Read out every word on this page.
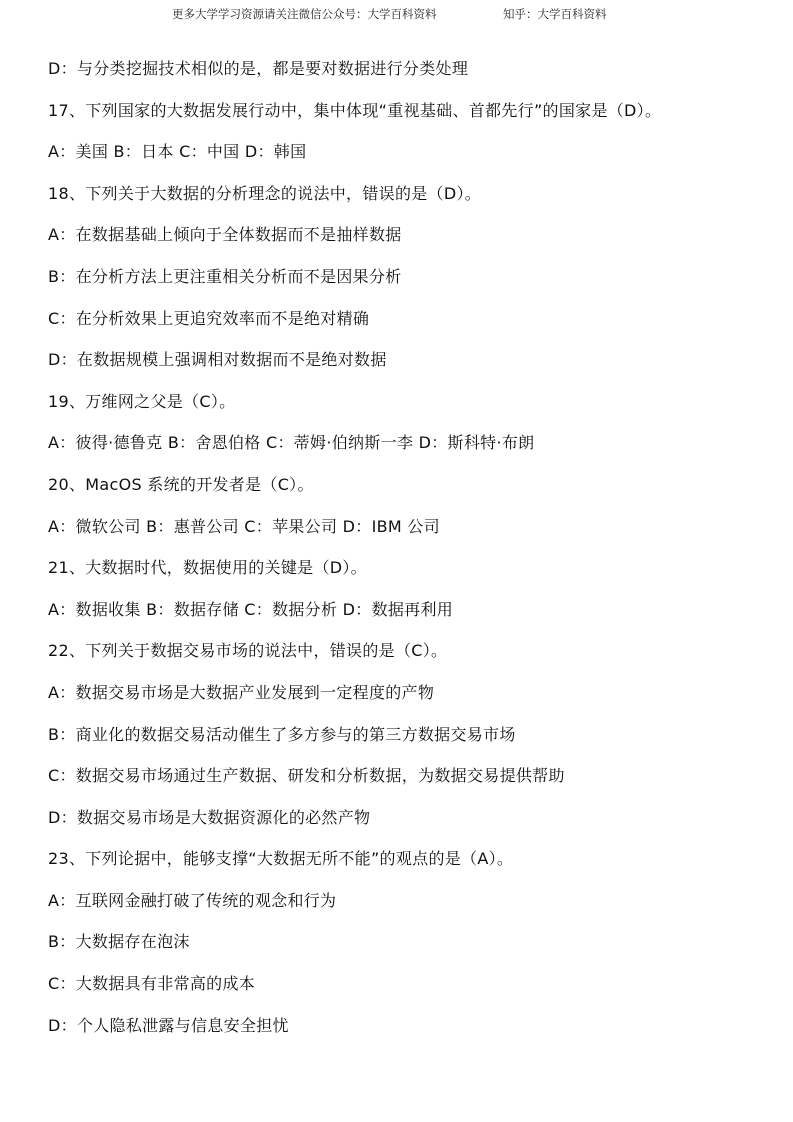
更多大学学习资源请关注微信公众号：大学百科资料	知乎：大学百科资料
D：与分类挖掘技术相似的是，都是要对数据进行分类处理
17、下列国家的大数据发展行动中，集中体现“重视基础、首都先行”的国家是（D）。
A：美国 B：日本 C：中国 D：韩国
18、下列关于大数据的分析理念的说法中，错误的是（D）。
A：在数据基础上倾向于全体数据而不是抽样数据
B：在分析方法上更注重相关分析而不是因果分析
C：在分析效果上更追究效率而不是绝对精确
D：在数据规模上强调相对数据而不是绝对数据
19、万维网之父是（C）。
A：彼得·德鲁克 B：舍恩伯格 C：蒂姆·伯纳斯一李 D：斯科特·布朗
20、MacOS 系统的开发者是（C）。
A：微软公司 B：惠普公司 C：苹果公司 D：IBM 公司
21、大数据时代，数据使用的关键是（D）。
A：数据收集 B：数据存储 C：数据分析 D：数据再利用
22、下列关于数据交易市场的说法中，错误的是（C）。
A：数据交易市场是大数据产业发展到一定程度的产物
B：商业化的数据交易活动催生了多方参与的第三方数据交易市场
C：数据交易市场通过生产数据、研发和分析数据，为数据交易提供帮助
D：数据交易市场是大数据资源化的必然产物
23、下列论据中，能够支撑“大数据无所不能”的观点的是（A）。
A：互联网金融打破了传统的观念和行为
B：大数据存在泡沫
C：大数据具有非常高的成本
D：个人隐私泄露与信息安全担忧
